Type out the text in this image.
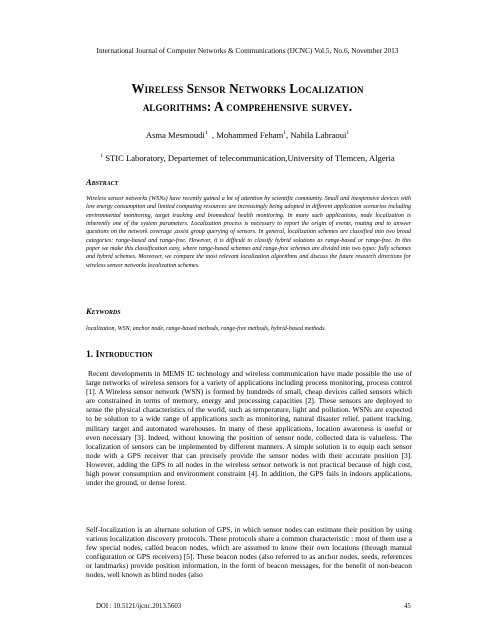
International Journal of Computer Networks & Communications (IJCNC) Vol.5, No.6, November 2013
Wireless Sensor Networks Localization
algorithms: A comprehensive survey.
Asma Mesmoudi$^1$  , Mohammed Feham$^1$, Nabila Labraoui$^1$
$^1$ STIC Laboratory, Departemet of telecommunication,University of Tlemcen, Algeria
Abstract
Wireless sensor networks (WSNs) have recently gained a lot of attention by scientific community. Small and inexpensive devices with low energy consumption and limited computing resources are increasingly being adopted in different application scenarios including environmental monitoring, target tracking and biomedical health monitoring. In many such applications, node localization is inherently one of the system parameters. Localization process is necessary to report the origin of events, routing and to answer questions on the network coverage ,assist group querying of sensors. In general, localization schemes are classified into two broad categories: range-based and range-free. However, it is difficult to classify hybrid solutions as range-based or range-free. In this paper we make this classification easy, where range-based schemes and range-free schemes are divided into two types: fully schemes and hybrid schemes. Moreover, we compare the most relevant localization algorithms and discuss the future research directions for wireless sensor networks localization schemes.
Keywords
localization, WSN, anchor node, range-based methods, range-free methods, hybrid-based methods.
1. Introduction
Recent developments in MEMS IC technology and wireless communication have made possible the use of large networks of wireless sensors for a variety of applications including process monitoring, process control [1]. A Wireless sensor network (WSN) is formed by hundreds of small, cheap devices called sensors which are constrained in terms of memory, energy and processing capacities [2]. These sensors are deployed to sense the physical characteristics of the world, such as temperature, light and pollution. WSNs are expected to be solution to a wide range of applications such as monitoring, natural disaster relief, patient tracking, military target and automated warehouses. In many of these applications, location awareness is useful or even necessary [3]. Indeed, without knowing the position of sensor node, collected data is valueless. The localization of sensors can be implemented by different manners. A simple solution is to equip each sensor node with a GPS receiver that can precisely provide the sensor nodes with their accurate position [3]. However, adding the GPS to all nodes in the wireless sensor network is not practical because of high cost, high power consumption and environment constraint [4]. In addition, the GPS fails in indoors applications, under the ground, or dense forest.
Self-localization is an alternate solution of GPS, in which sensor nodes can estimate their position by using various localization discovery protocols. These protocols share a common characteristic : most of them use a few special nodes, called beacon nodes, which are assumed to know their own locations (through manual configuration or GPS receivers) [5]. These beacon nodes (also referred to as anchor nodes, seeds, references or landmarks) provide position information, in the form of beacon messages, for the benefit of non-beacon nodes, well known as blind nodes (also
DOI : 10.5121/ijcnc.2013.5603	45
